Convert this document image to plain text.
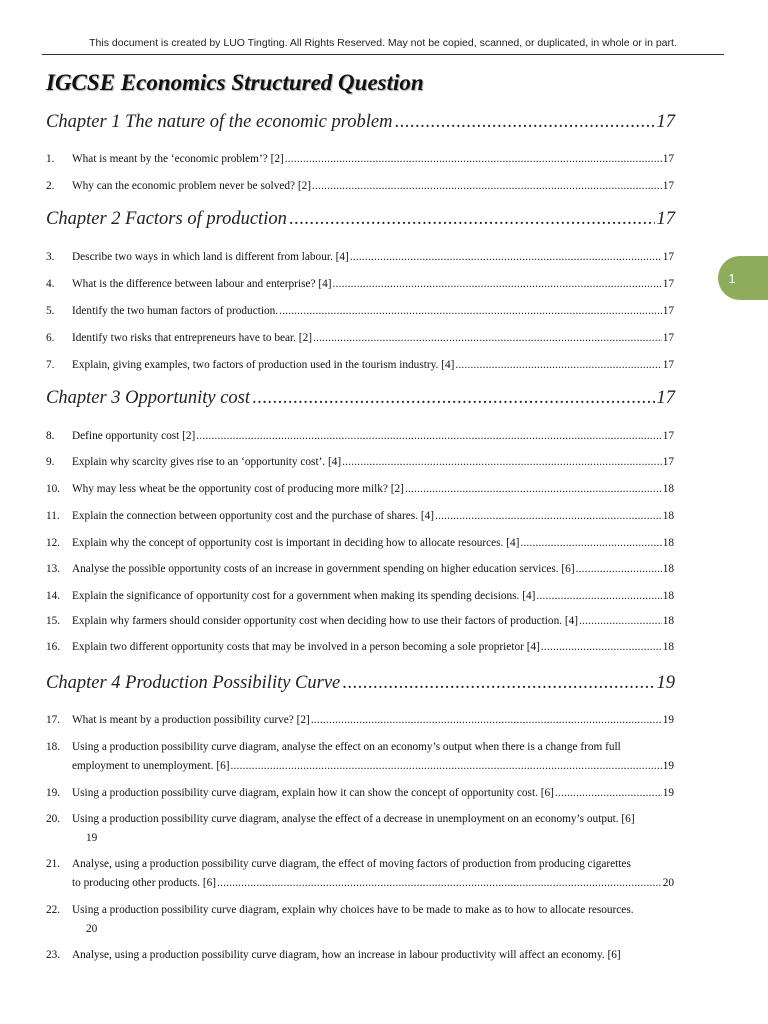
This document is created by LUO Tingting. All Rights Reserved. May not be copied, scanned, or duplicated, in whole or in part.
IGCSE Economics Structured Question
1
Chapter 1 The nature of the economic problem .....	17
1. What is meant by the ‘economic problem’? [2] .....	17
2. Why can the economic problem never be solved? [2] .....	17
Chapter 2 Factors of production .....	17
3. Describe two ways in which land is different from labour. [4] .....	17
4. What is the difference between labour and enterprise? [4] .....	17
5. Identify the two human factors of production. .....	17
6. Identify two risks that entrepreneurs have to bear. [2] .....	17
7. Explain, giving examples, two factors of production used in the tourism industry. [4] .....	17
Chapter 3 Opportunity cost .....	17
8. Define opportunity cost [2] .....	17
9. Explain why scarcity gives rise to an ‘opportunity cost’. [4] .....	17
10. Why may less wheat be the opportunity cost of producing more milk? [2] .....	18
11. Explain the connection between opportunity cost and the purchase of shares. [4] .....	18
12. Explain why the concept of opportunity cost is important in deciding how to allocate resources. [4] .....	18
13. Analyse the possible opportunity costs of an increase in government spending on higher education services. [6] .....	18
14. Explain the significance of opportunity cost for a government when making its spending decisions. [4] .....	18
15. Explain why farmers should consider opportunity cost when deciding how to use their factors of production. [4] .....	18
16. Explain two different opportunity costs that may be involved in a person becoming a sole proprietor [4] .....	18
Chapter 4 Production Possibility Curve .....	19
17. What is meant by a production possibility curve? [2] .....	19
18. Using a production possibility curve diagram, analyse the effect on an economy’s output when there is a change from full
employment to unemployment. [6] .....	19
19. Using a production possibility curve diagram, explain how it can show the concept of opportunity cost. [6] .....	19
20. Using a production possibility curve diagram, analyse the effect of a decrease in unemployment on an economy’s output. [6]
19
21. Analyse, using a production possibility curve diagram, the effect of moving factors of production from producing cigarettes
to producing other products. [6] .....	20
22. Using a production possibility curve diagram, explain why choices have to be made to make as to how to allocate resources.
20
23. Analyse, using a production possibility curve diagram, how an increase in labour productivity will affect an economy. [6]
